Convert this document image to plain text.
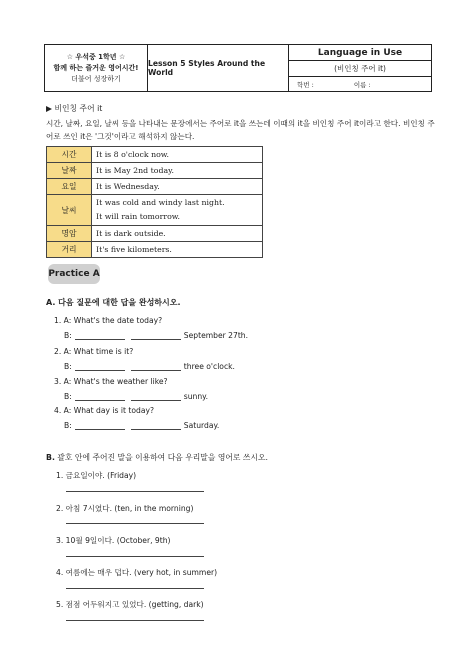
☆ 우석중 1학년 ☆
함께 하는 즐거운 영어시간!
더불어 성장하기
Lesson 5 Styles Around the World
Language in Use
(비인칭 주어 it)
학번 :	이름 :
▶ 비인칭 주어 it
시간, 날짜, 요일, 날씨 등을 나타내는 문장에서는 주어로 it을 쓰는데 이때의 it을 비인칭 주어 it이라고 한다. 비인칭 주어로 쓰인 it은 '그것'이라고 해석하지 않는다.
시간	It is 8 o'clock now.
날짜	It is May 2nd today.
요일	It is Wednesday.
날씨	It was cold and windy last night.
It will rain tomorrow.

명암	It is dark outside.
거리	It's five kilometers.
Practice A
A. 다음 질문에 대한 답을 완성하시오.
1. A: What's the date today?
B:	September 27th.
2. A: What time is it?
B:	three o'clock.
3. A: What's the weather like?
B:	sunny.
4. A: What day is it today?
B:	Saturday.
B. 괄호 안에 주어진 말을 이용하여 다음 우리말을 영어로 쓰시오.
1. 금요일이야. (Friday)
2. 아침 7시였다. (ten, in the morning)
3. 10월 9일이다. (October, 9th)
4. 여름에는 매우 덥다. (very hot, in summer)
5. 점점 어두워지고 있었다. (getting, dark)
